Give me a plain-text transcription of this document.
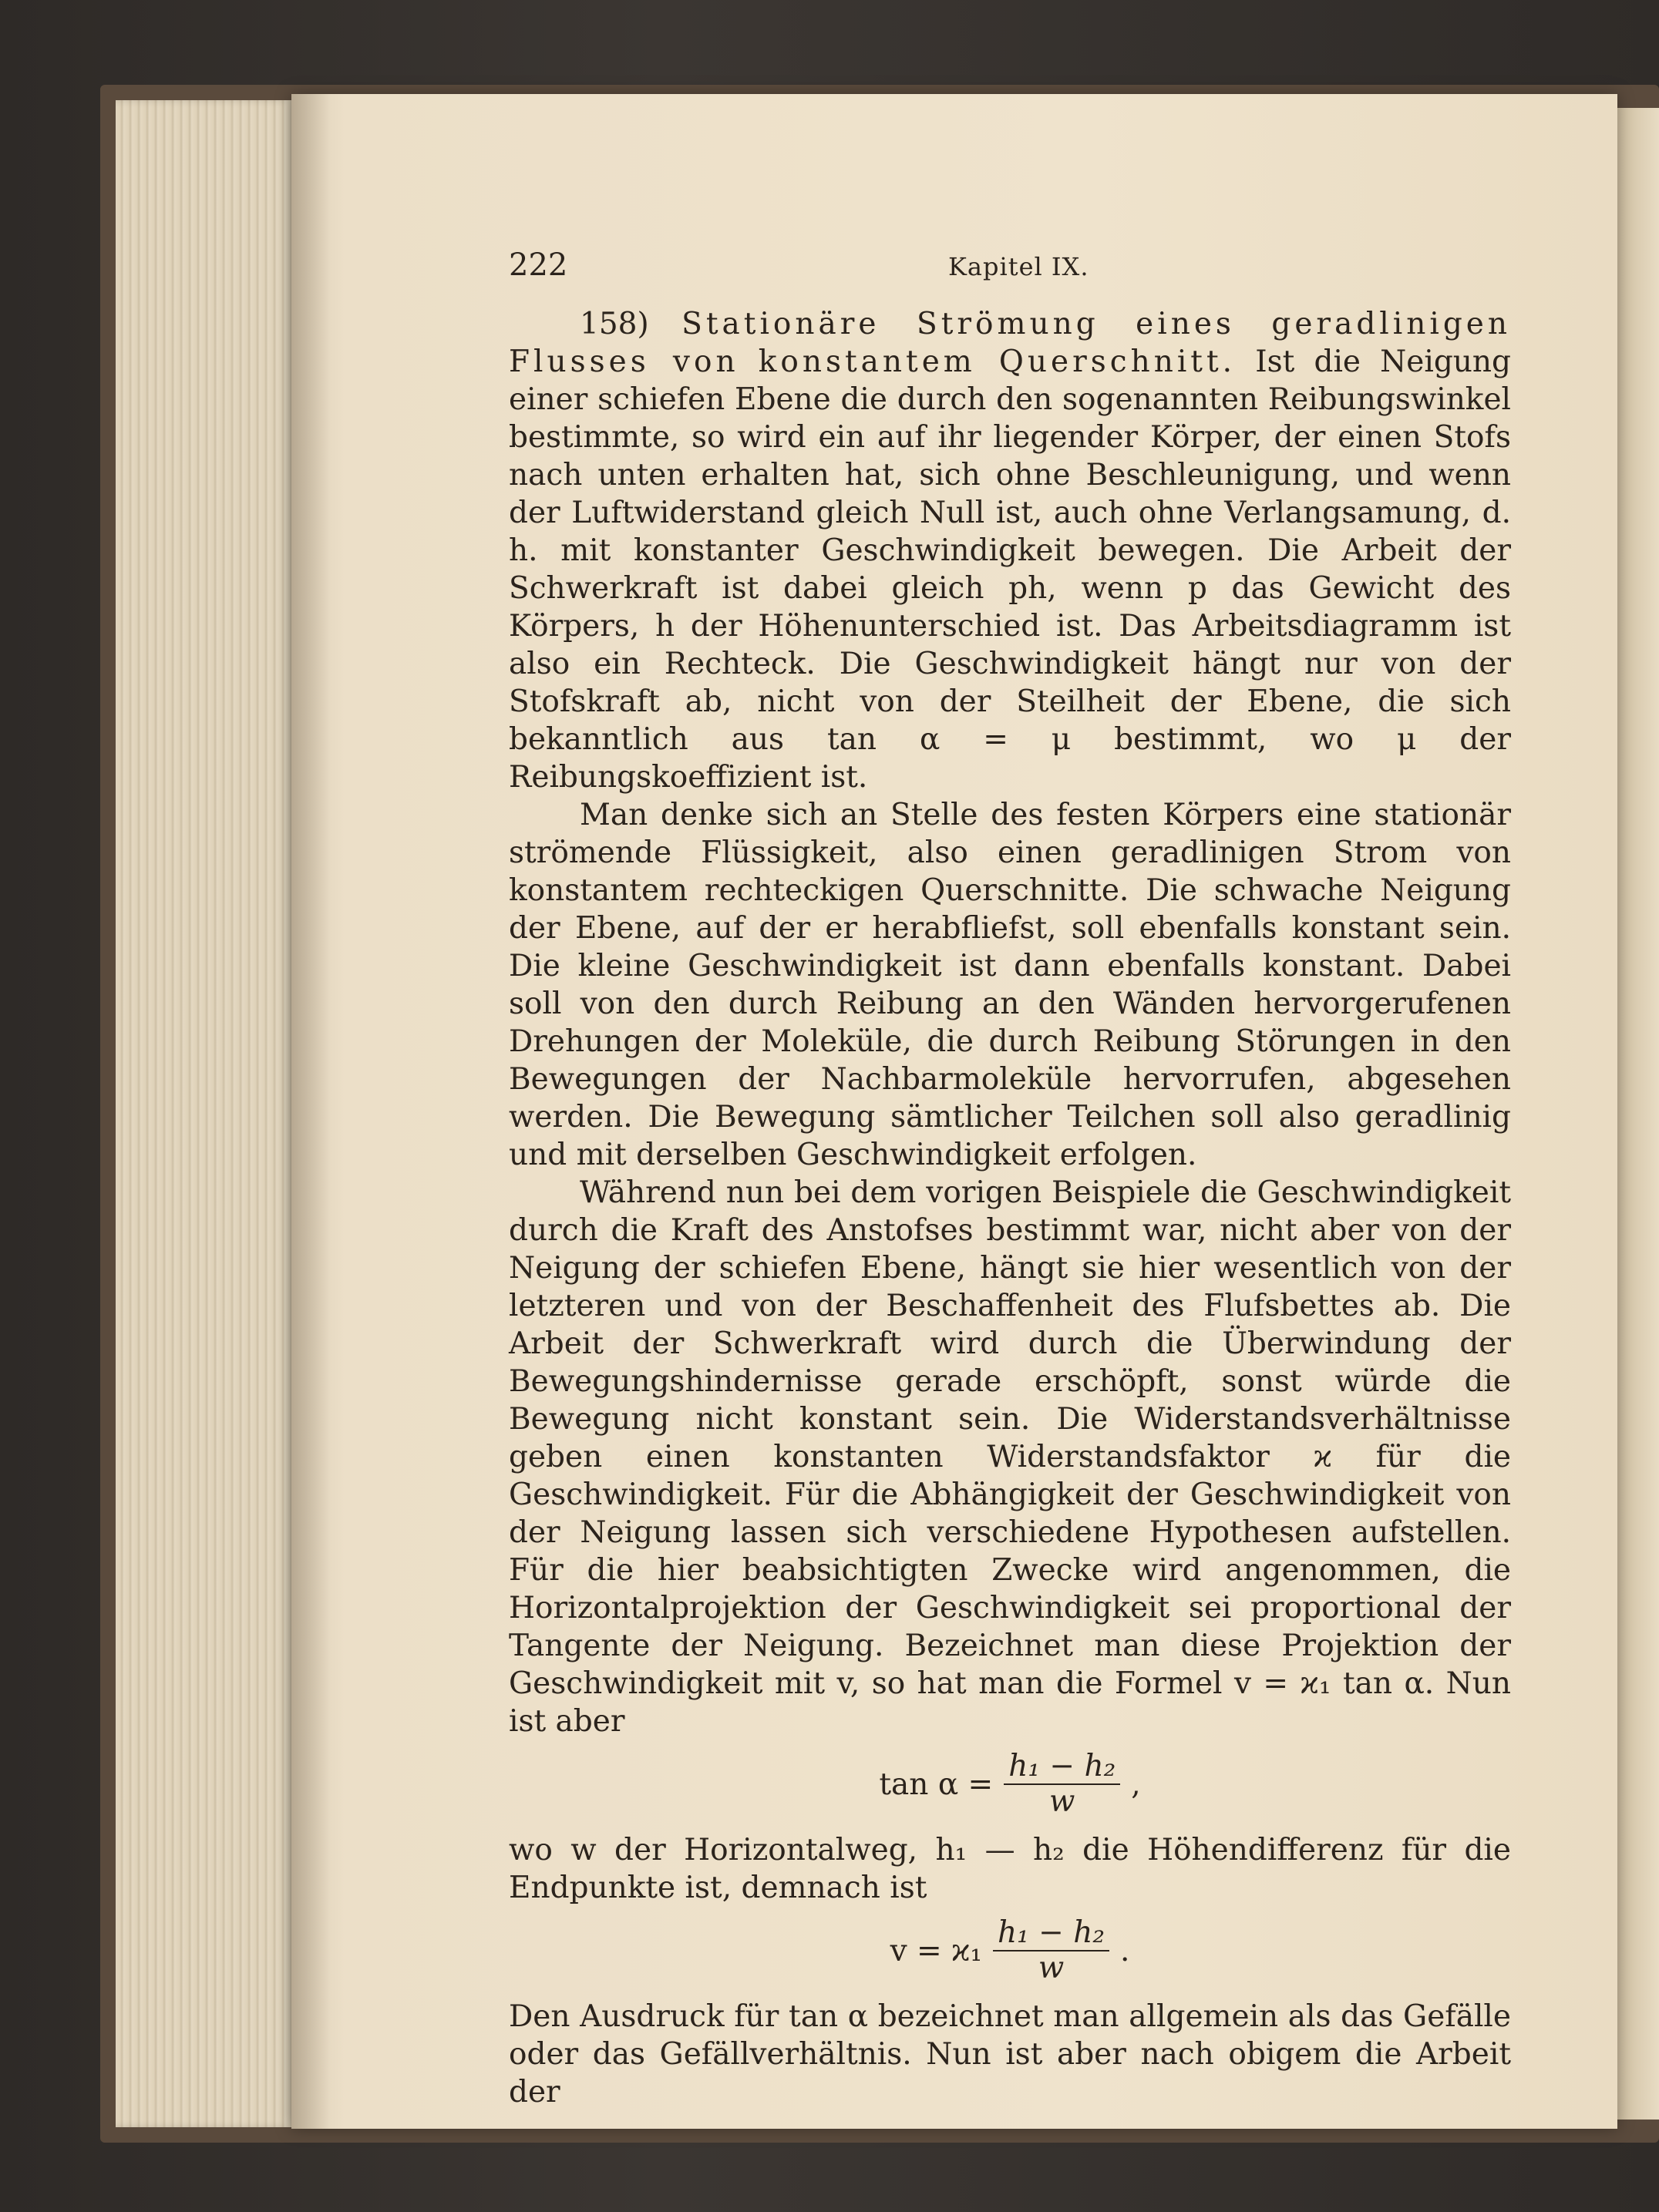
222	Kapitel IX.

158) Stationäre Strömung eines geradlinigen Flusses von konstantem Querschnitt. Ist die Neigung einer schiefen Ebene die durch den sogenannten Reibungswinkel bestimmte, so wird ein auf ihr liegender Körper, der einen Stofs nach unten erhalten hat, sich ohne Beschleunigung, und wenn der Luftwiderstand gleich Null ist, auch ohne Verlangsamung, d. h. mit konstanter Geschwindigkeit bewegen. Die Arbeit der Schwerkraft ist dabei gleich ph, wenn p das Gewicht des Körpers, h der Höhenunterschied ist. Das Arbeitsdiagramm ist also ein Rechteck. Die Geschwindigkeit hängt nur von der Stofskraft ab, nicht von der Steilheit der Ebene, die sich bekanntlich aus tan α = μ bestimmt, wo μ der Reibungskoeffizient ist.

Man denke sich an Stelle des festen Körpers eine stationär strömende Flüssigkeit, also einen geradlinigen Strom von konstantem rechteckigen Querschnitte. Die schwache Neigung der Ebene, auf der er herabfliefst, soll ebenfalls konstant sein. Die kleine Geschwindigkeit ist dann ebenfalls konstant. Dabei soll von den durch Reibung an den Wänden hervorgerufenen Drehungen der Moleküle, die durch Reibung Störungen in den Bewegungen der Nachbarmoleküle hervorrufen, abgesehen werden. Die Bewegung sämtlicher Teilchen soll also geradlinig und mit derselben Geschwindigkeit erfolgen.

Während nun bei dem vorigen Beispiele die Geschwindigkeit durch die Kraft des Anstofses bestimmt war, nicht aber von der Neigung der schiefen Ebene, hängt sie hier wesentlich von der letzteren und von der Beschaffenheit des Flufsbettes ab. Die Arbeit der Schwerkraft wird durch die Überwindung der Bewegungshindernisse gerade erschöpft, sonst würde die Bewegung nicht konstant sein. Die Widerstandsverhältnisse geben einen konstanten Widerstandsfaktor ϰ für die Geschwindigkeit. Für die Abhängigkeit der Geschwindigkeit von der Neigung lassen sich verschiedene Hypothesen aufstellen. Für die hier beabsichtigten Zwecke wird angenommen, die Horizontalprojektion der Geschwindigkeit sei proportional der Tangente der Neigung. Bezeichnet man diese Projektion der Geschwindigkeit mit v, so hat man die Formel v = ϰ₁ tan α. Nun ist aber

$\tan \alpha = \frac{\text{h₁ − h₂}}{w}$ ,

wo w der Horizontalweg, h₁ — h₂ die Höhendifferenz für die Endpunkte ist, demnach ist

$v = ϰ_1 \frac{\text{h₁ − h₂}}{w}$ .

Den Ausdruck für tan α bezeichnet man allgemein als das Gefälle oder das Gefällverhältnis. Nun ist aber nach obigem die Arbeit der
